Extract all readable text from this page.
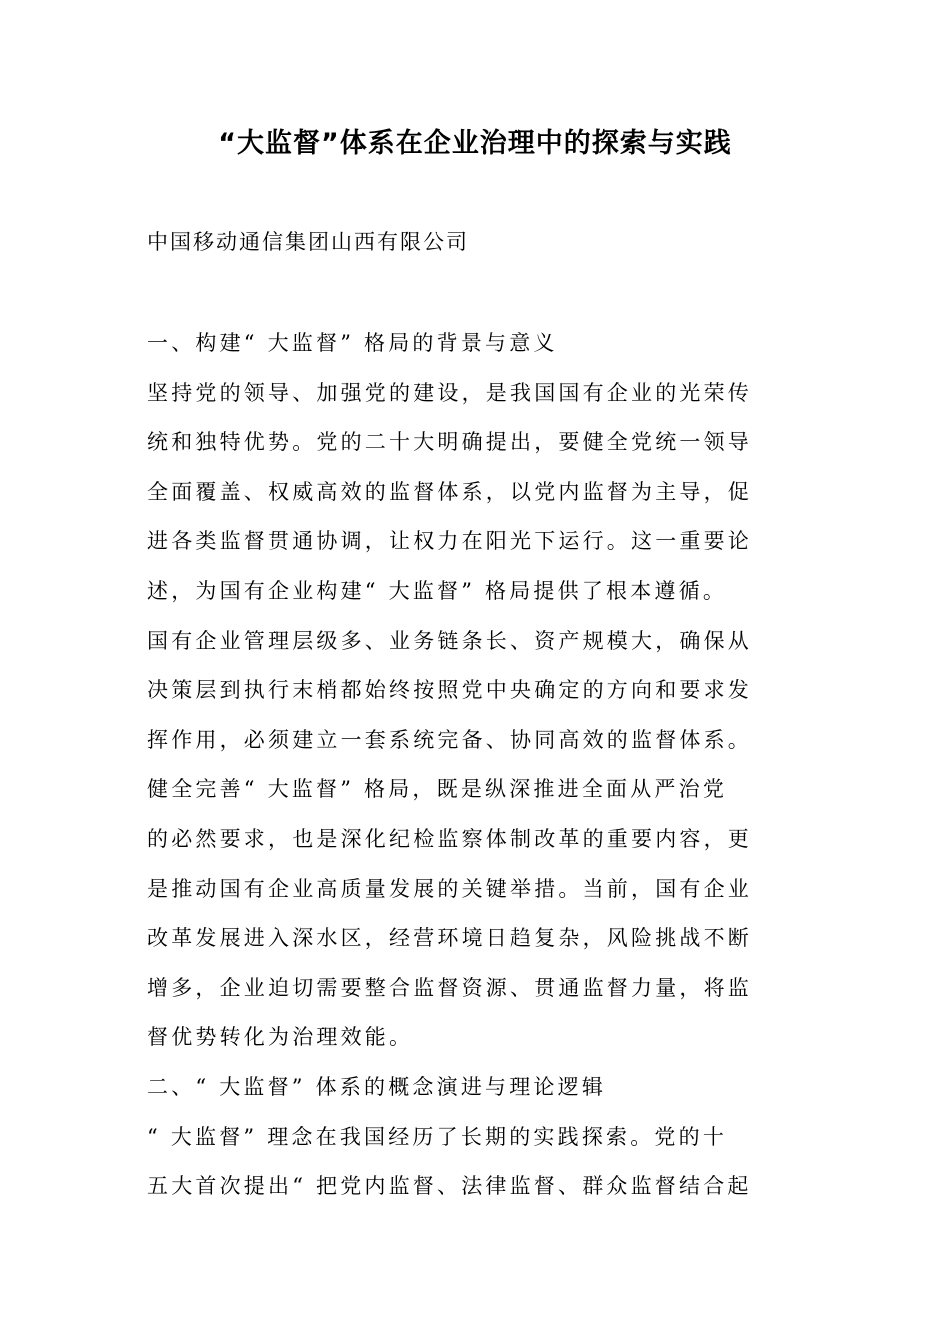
“大监督”体系在企业治理中的探索与实践

中国移动通信集团山西有限公司

一、构建“ 大监督” 格局的背景与意义

坚持党的领导、加强党的建设，是我国国有企业的光荣传

统和独特优势。党的二十大明确提出，要健全党统一领导

全面覆盖、权威高效的监督体系，以党内监督为主导，促

进各类监督贯通协调，让权力在阳光下运行。这一重要论

述，为国有企业构建“ 大监督” 格局提供了根本遵循。

国有企业管理层级多、业务链条长、资产规模大，确保从

决策层到执行末梢都始终按照党中央确定的方向和要求发

挥作用，必须建立一套系统完备、协同高效的监督体系。

健全完善“ 大监督” 格局，既是纵深推进全面从严治党

的必然要求，也是深化纪检监察体制改革的重要内容，更

是推动国有企业高质量发展的关键举措。当前，国有企业

改革发展进入深水区，经营环境日趋复杂，风险挑战不断

增多，企业迫切需要整合监督资源、贯通监督力量，将监

督优势转化为治理效能。

二、“ 大监督” 体系的概念演进与理论逻辑

“ 大监督” 理念在我国经历了长期的实践探索。党的十

五大首次提出“ 把党内监督、法律监督、群众监督结合起
